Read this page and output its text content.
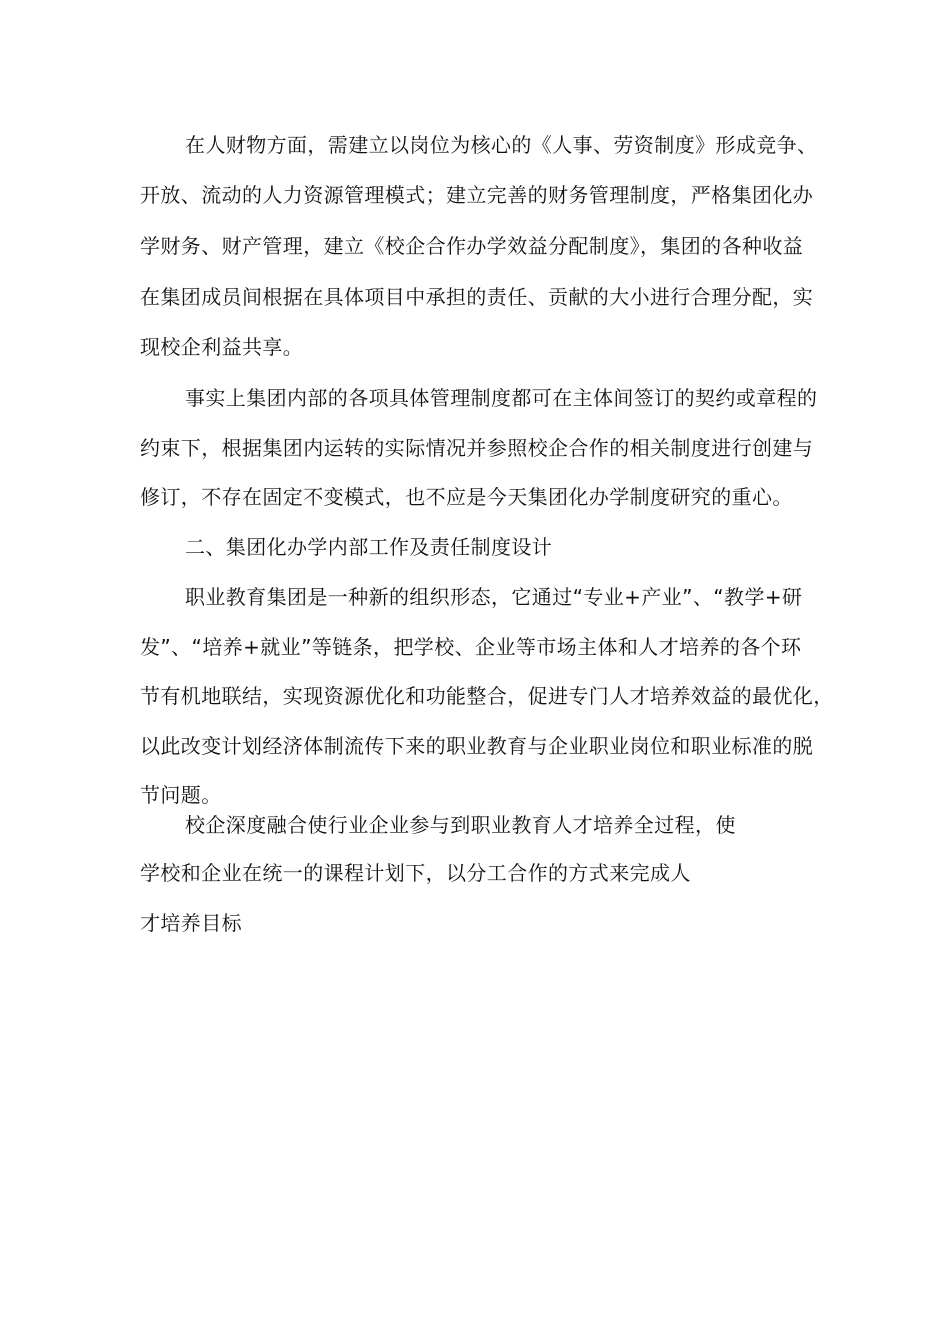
在人财物方面，需建立以岗位为核心的《人事、劳资制度》形成竞争、
开放、流动的人力资源管理模式；建立完善的财务管理制度，严格集团化办
学财务、财产管理，建立《校企合作办学效益分配制度》，集团的各种收益
在集团成员间根据在具体项目中承担的责任、贡献的大小进行合理分配，实
现校企利益共享。
事实上集团内部的各项具体管理制度都可在主体间签订的契约或章程的
约束下，根据集团内运转的实际情况并参照校企合作的相关制度进行创建与
修订，不存在固定不变模式，也不应是今天集团化办学制度研究的重心。
二、集团化办学内部工作及责任制度设计
职业教育集团是一种新的组织形态，它通过“专业+产业”、“教学+研
发”、“培养+就业”等链条，把学校、企业等市场主体和人才培养的各个环
节有机地联结，实现资源优化和功能整合，促进专门人才培养效益的最优化，
以此改变计划经济体制流传下来的职业教育与企业职业岗位和职业标准的脱
节问题。
校企深度融合使行业企业参与到职业教育人才培养全过程，使
学校和企业在统一的课程计划下，以分工合作的方式来完成人
才培养目标
